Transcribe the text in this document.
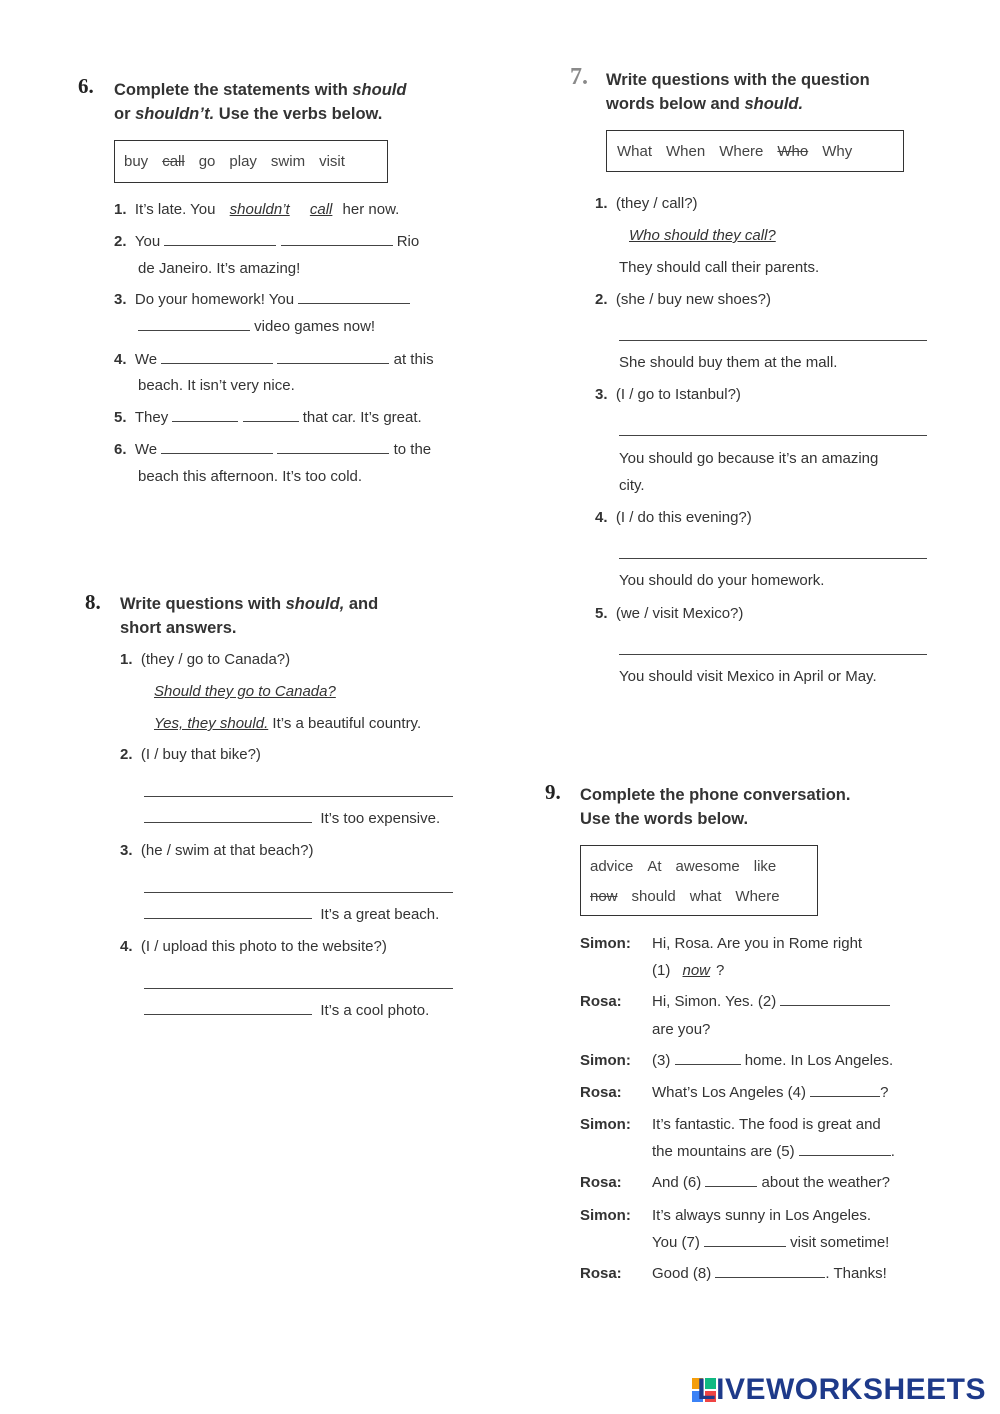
6. Complete the statements with should
or shouldn’t. Use the verbs below.
buy call go play swim visit
1. It’s late. You shouldn’t call her now.
2. You	Rio
de Janeiro. It’s amazing!
3. Do your homework! You
video games now!
4. We	at this
beach. It isn’t very nice.
5. They	that car. It’s great.
6. We	to the
beach this afternoon. It’s too cold.
7. Write questions with the question
words below and should.
What When Where Who Why
1. (they / call?)
Who should they call?
They should call their parents.
2. (she / buy new shoes?)
She should buy them at the mall.
3. (I / go to Istanbul?)
You should go because it’s an amazing
city.
4. (I / do this evening?)
You should do your homework.
5. (we / visit Mexico?)
You should visit Mexico in April or May.
8. Write questions with should, and
short answers.
1. (they / go to Canada?)
Should they go to Canada?
Yes, they should. It’s a beautiful country.
2. (I / buy that bike?)
It’s too expensive.
3. (he / swim at that beach?)
It’s a great beach.
4. (I / upload this photo to the website?)
It’s a cool photo.
9. Complete the phone conversation.
Use the words below.
advice At awesome like
now should what Where
Simon: Hi, Rosa. Are you in Rome right
(1) now ?
Rosa: Hi, Simon. Yes. (2)
are you?
Simon: (3)	home. In Los Angeles.
Rosa: What’s Los Angeles (4)	?
Simon: It’s fantastic. The food is great and
the mountains are (5)	.
Rosa: And (6)	about the weather?
Simon: It’s always sunny in Los Angeles.
You (7)	visit sometime!
Rosa: Good (8)	. Thanks!
LIVEWORKSHEETS
